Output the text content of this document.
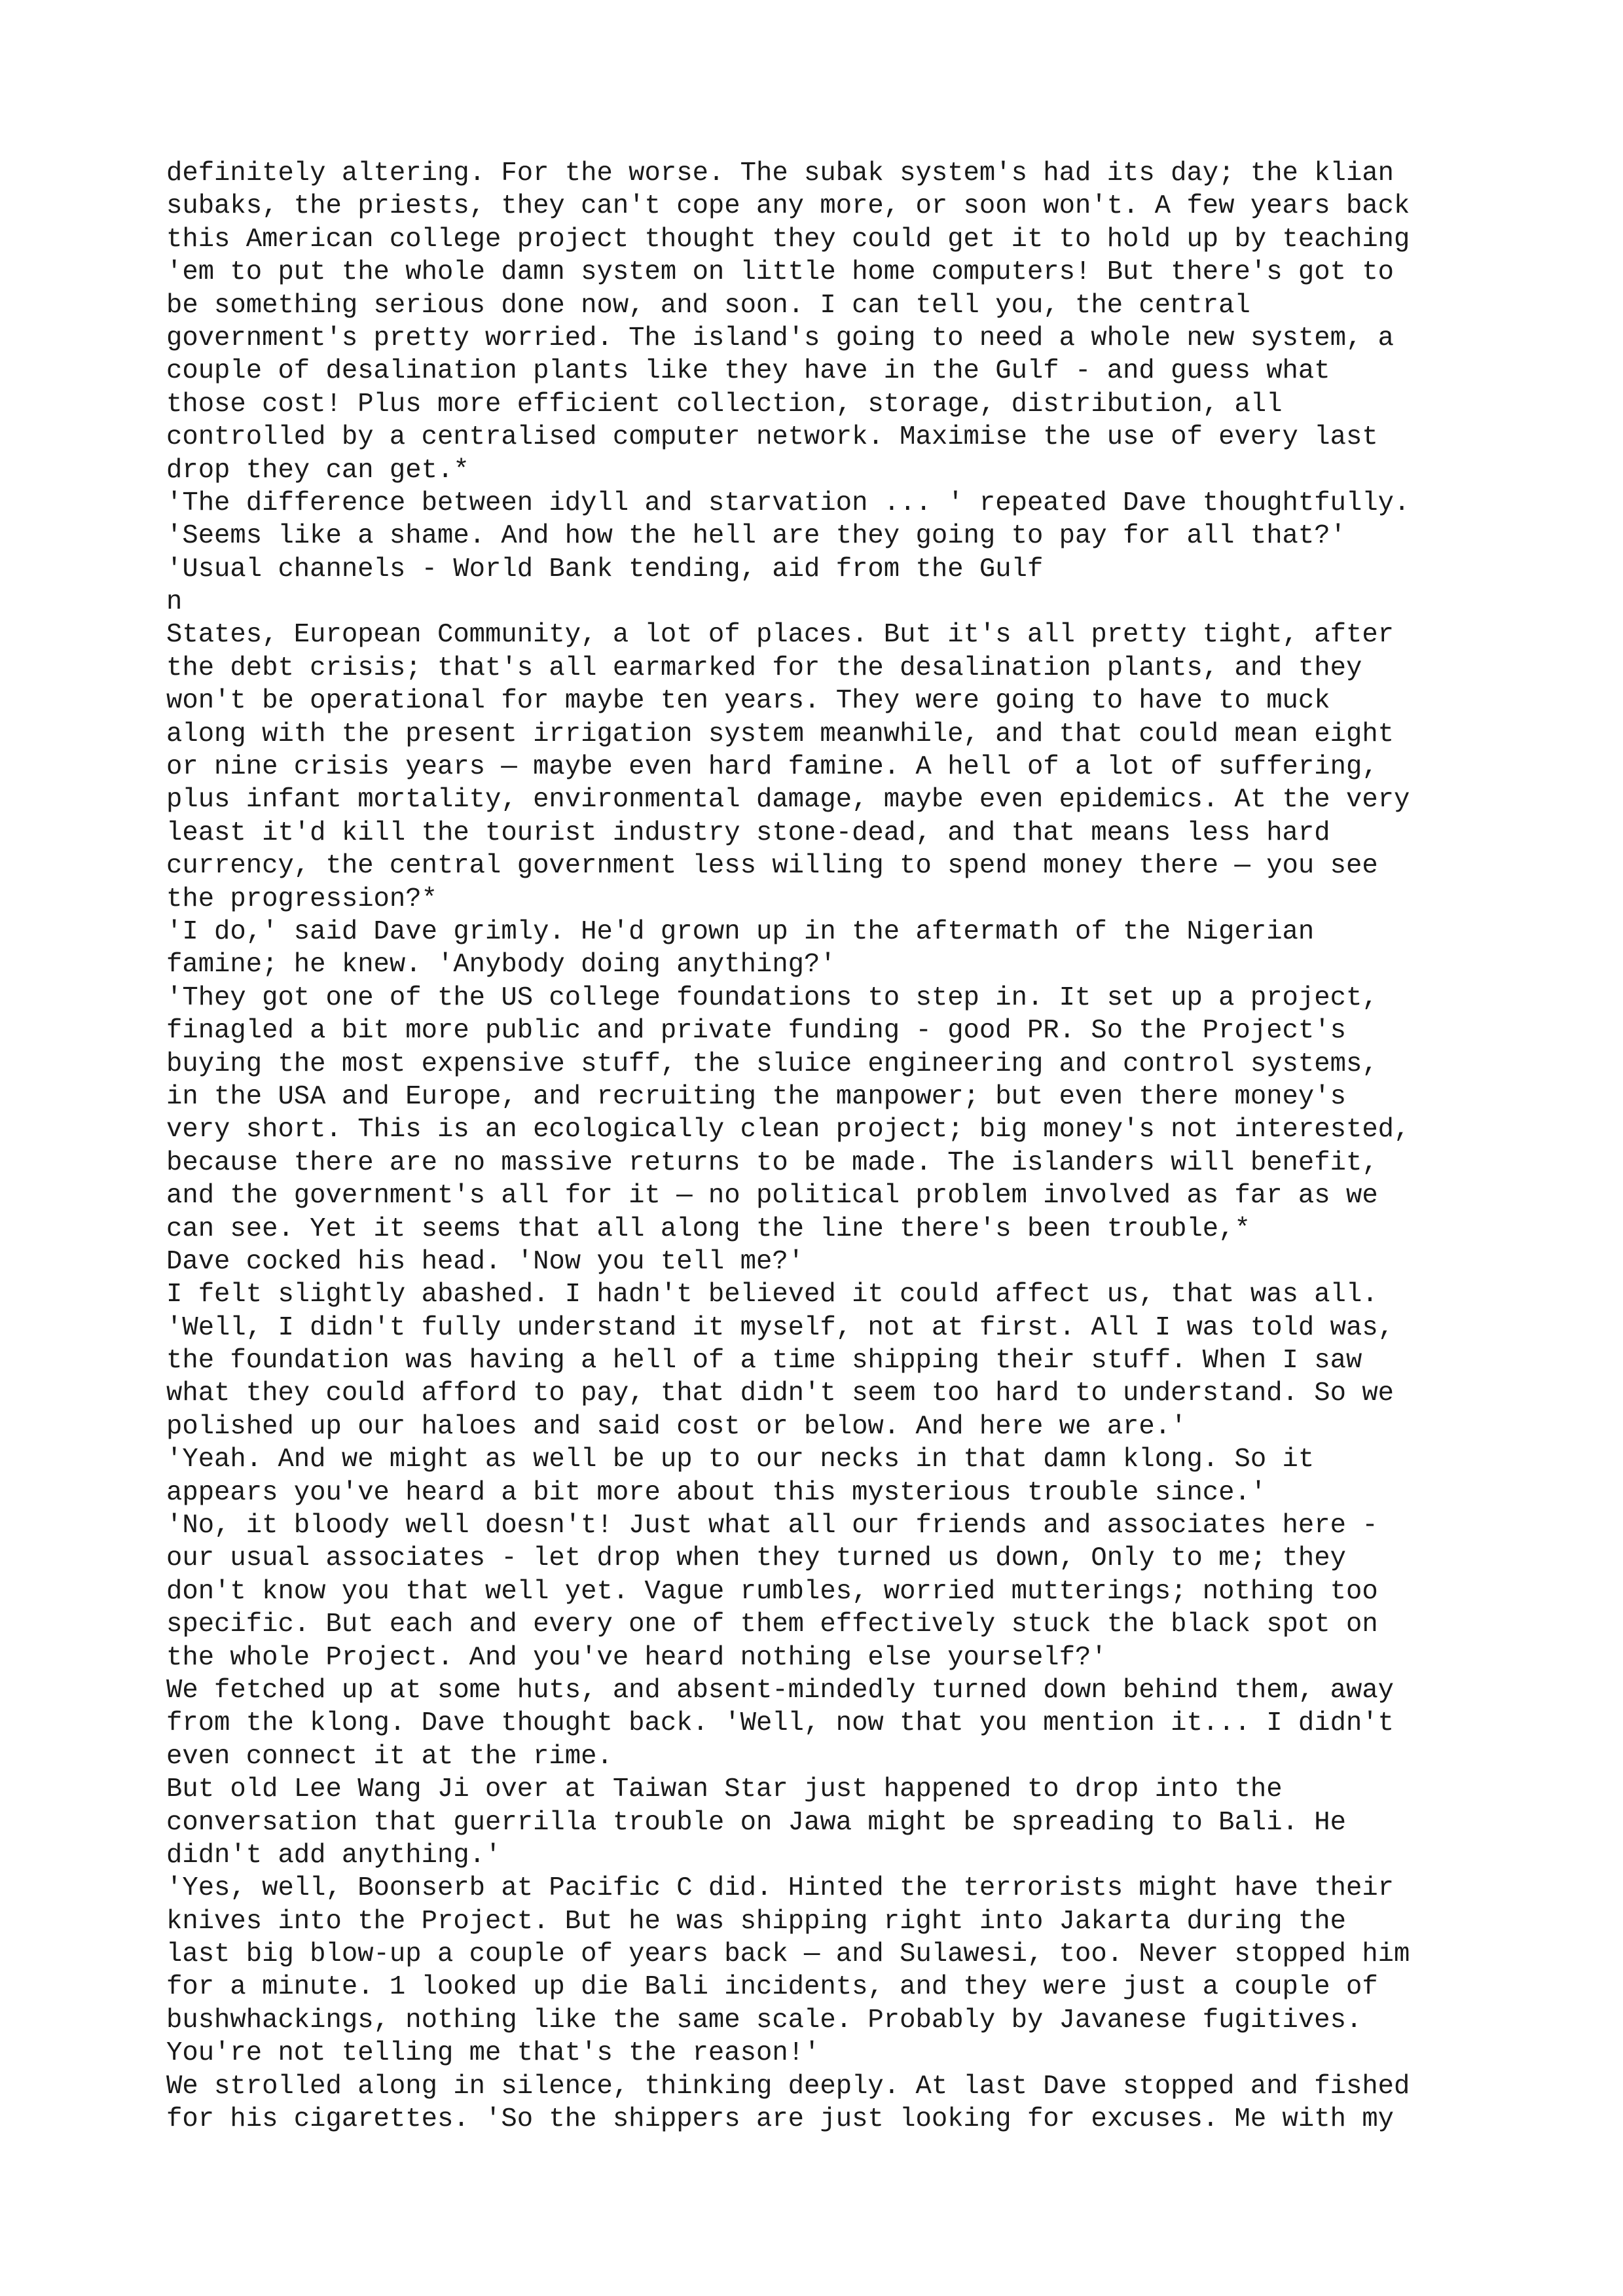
definitely altering. For the worse. The subak system's had its day; the klian
subaks, the priests, they can't cope any more, or soon won't. A few years back
this American college project thought they could get it to hold up by teaching
'em to put the whole damn system on little home computers! But there's got to
be something serious done now, and soon. I can tell you, the central
government's pretty worried. The island's going to need a whole new system, a
couple of desalination plants like they have in the Gulf - and guess what
those cost! Plus more efficient collection, storage, distribution, all
controlled by a centralised computer network. Maximise the use of every last
drop they can get.*
'The difference between idyll and starvation ... ' repeated Dave thoughtfully.
'Seems like a shame. And how the hell are they going to pay for all that?'
'Usual channels - World Bank tending, aid from the Gulf
n
States, European Community, a lot of places. But it's all pretty tight, after
the debt crisis; that's all earmarked for the desalination plants, and they
won't be operational for maybe ten years. They were going to have to muck
along with the present irrigation system meanwhile, and that could mean eight
or nine crisis years — maybe even hard famine. A hell of a lot of suffering,
plus infant mortality, environmental damage, maybe even epidemics. At the very
least it'd kill the tourist industry stone-dead, and that means less hard
currency, the central government less willing to spend money there — you see
the progression?*
'I do,' said Dave grimly. He'd grown up in the aftermath of the Nigerian
famine; he knew. 'Anybody doing anything?'
'They got one of the US college foundations to step in. It set up a project,
finagled a bit more public and private funding - good PR. So the Project's
buying the most expensive stuff, the sluice engineering and control systems,
in the USA and Europe, and recruiting the manpower; but even there money's
very short. This is an ecologically clean project; big money's not interested,
because there are no massive returns to be made. The islanders will benefit,
and the government's all for it — no political problem involved as far as we
can see. Yet it seems that all along the line there's been trouble,*
Dave cocked his head. 'Now you tell me?'
I felt slightly abashed. I hadn't believed it could affect us, that was all.
'Well, I didn't fully understand it myself, not at first. All I was told was,
the foundation was having a hell of a time shipping their stuff. When I saw
what they could afford to pay, that didn't seem too hard to understand. So we
polished up our haloes and said cost or below. And here we are.'
'Yeah. And we might as well be up to our necks in that damn klong. So it
appears you've heard a bit more about this mysterious trouble since.'
'No, it bloody well doesn't! Just what all our friends and associates here -
our usual associates - let drop when they turned us down, Only to me; they
don't know you that well yet. Vague rumbles, worried mutterings; nothing too
specific. But each and every one of them effectively stuck the black spot on
the whole Project. And you've heard nothing else yourself?'
We fetched up at some huts, and absent-mindedly turned down behind them, away
from the klong. Dave thought back. 'Well, now that you mention it... I didn't
even connect it at the rime.
But old Lee Wang Ji over at Taiwan Star just happened to drop into the
conversation that guerrilla trouble on Jawa might be spreading to Bali. He
didn't add anything.'
'Yes, well, Boonserb at Pacific C did. Hinted the terrorists might have their
knives into the Project. But he was shipping right into Jakarta during the
last big blow-up a couple of years back — and Sulawesi, too. Never stopped him
for a minute. 1 looked up die Bali incidents, and they were just a couple of
bushwhackings, nothing like the same scale. Probably by Javanese fugitives.
You're not telling me that's the reason!'
We strolled along in silence, thinking deeply. At last Dave stopped and fished
for his cigarettes. 'So the shippers are just looking for excuses. Me with my
